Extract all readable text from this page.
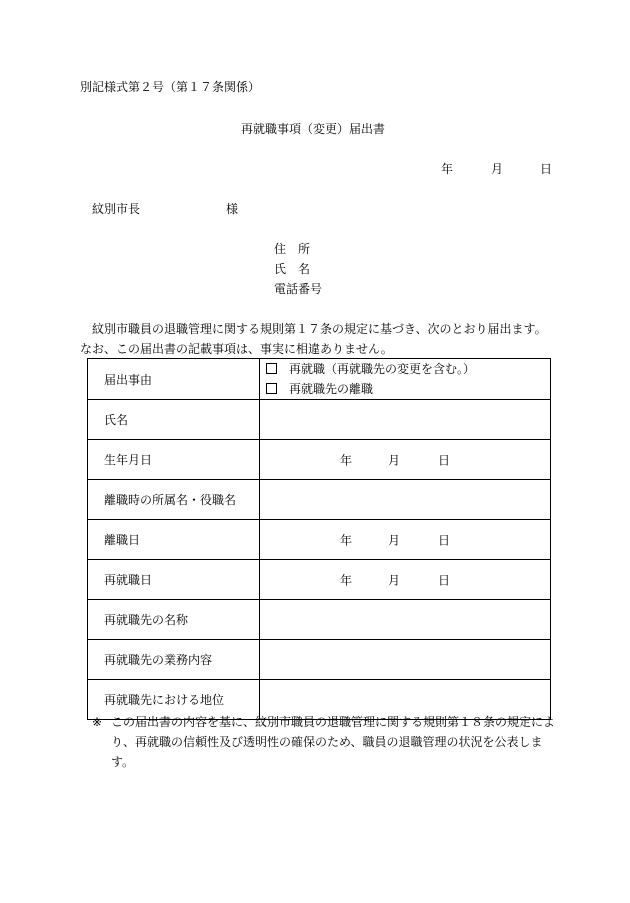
別記様式第２号（第１７条関係）
再就職事項（変更）届出書
年	月	日
紋別市長	様
住　所
氏　名
電話番号
紋別市職員の退職管理に関する規則第１７条の規定に基づき、次のとおり届出ます。
なお、この届出書の記載事項は、事実に相違ありません。
届出事由	再就職（再就職先の変更を含む。）
再就職先の離職

氏名	
生年月日	年 月 日

離職時の所属名・役職名	
離職日	年 月 日

再就職日	年 月 日

再就職先の名称	
再就職先の業務内容	
再就職先における地位	
※ この届出書の内容を基に、紋別市職員の退職管理に関する規則第１８条の規定により、再就職の信頼性及び透明性の確保のため、職員の退職管理の状況を公表します。
